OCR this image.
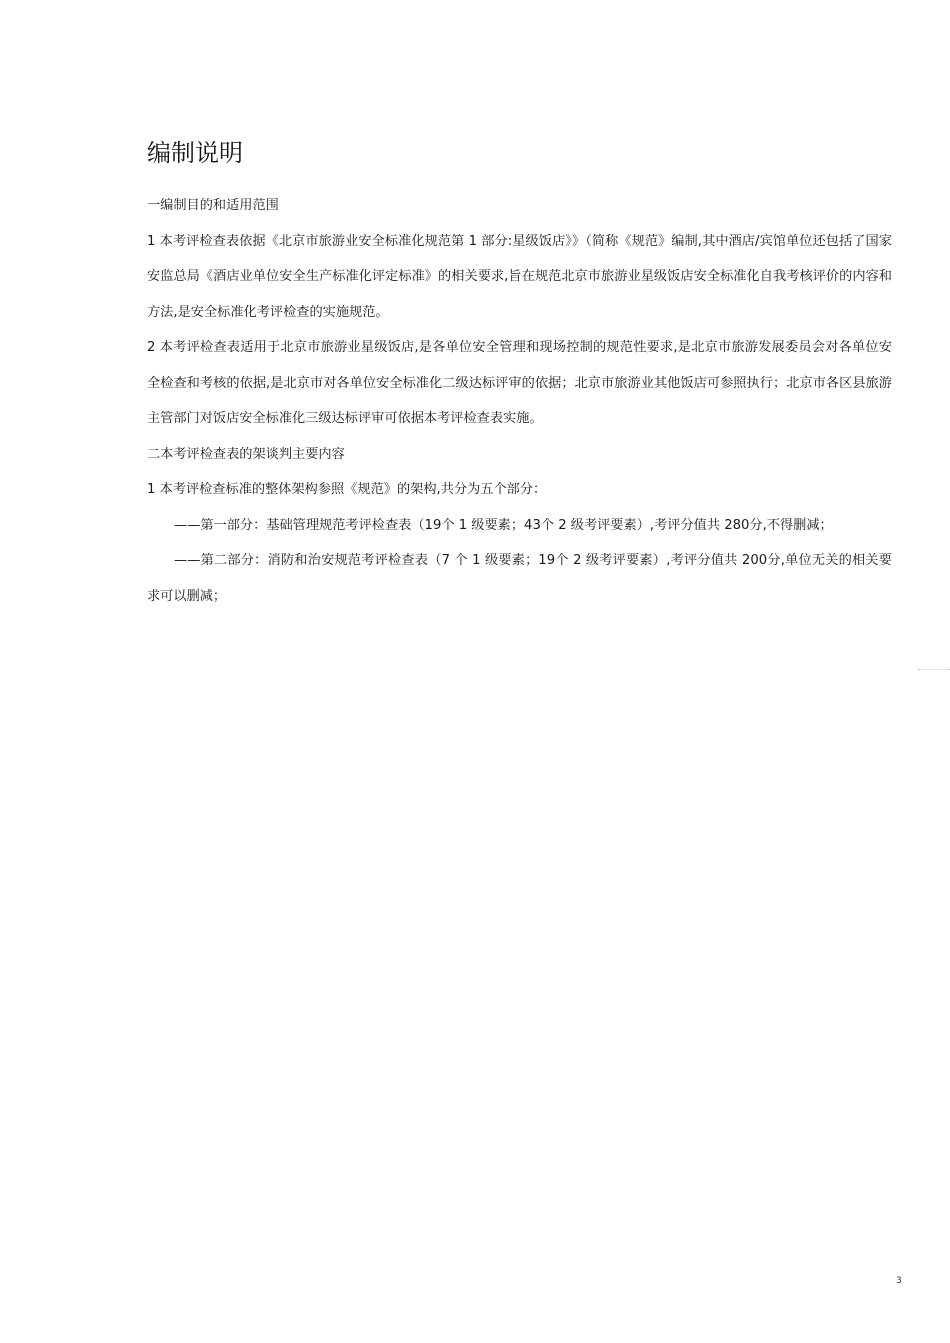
编制说明

一编制目的和适用范围

1 本考评检查表依据《北京市旅游业安全标准化规范第 1 部分:星级饭店》》（简称《规范》编制,其中酒店/宾馆单位还包括了国家安监总局《酒店业单位安全生产标准化评定标准》的相关要求,旨在规范北京市旅游业星级饭店安全标准化自我考核评价的内容和方法,是安全标准化考评检查的实施规范。

2 本考评检查表适用于北京市旅游业星级饭店,是各单位安全管理和现场控制的规范性要求,是北京市旅游发展委员会对各单位安全检查和考核的依据,是北京市对各单位安全标准化二级达标评审的依据；北京市旅游业其他饭店可参照执行；北京市各区县旅游主管部门对饭店安全标准化三级达标评审可依据本考评检查表实施。

二本考评检查表的架谈判主要内容

1 本考评检查标准的整体架构参照《规范》的架构,共分为五个部分：

——第一部分：基础管理规范考评检查表（19个 1 级要素；43个 2 级考评要素）,考评分值共 280分,不得删减；

——第二部分：消防和治安规范考评检查表（7 个 1 级要素；19个 2 级考评要素）,考评分值共 200分,单位无关的相关要求可以删减；

3
